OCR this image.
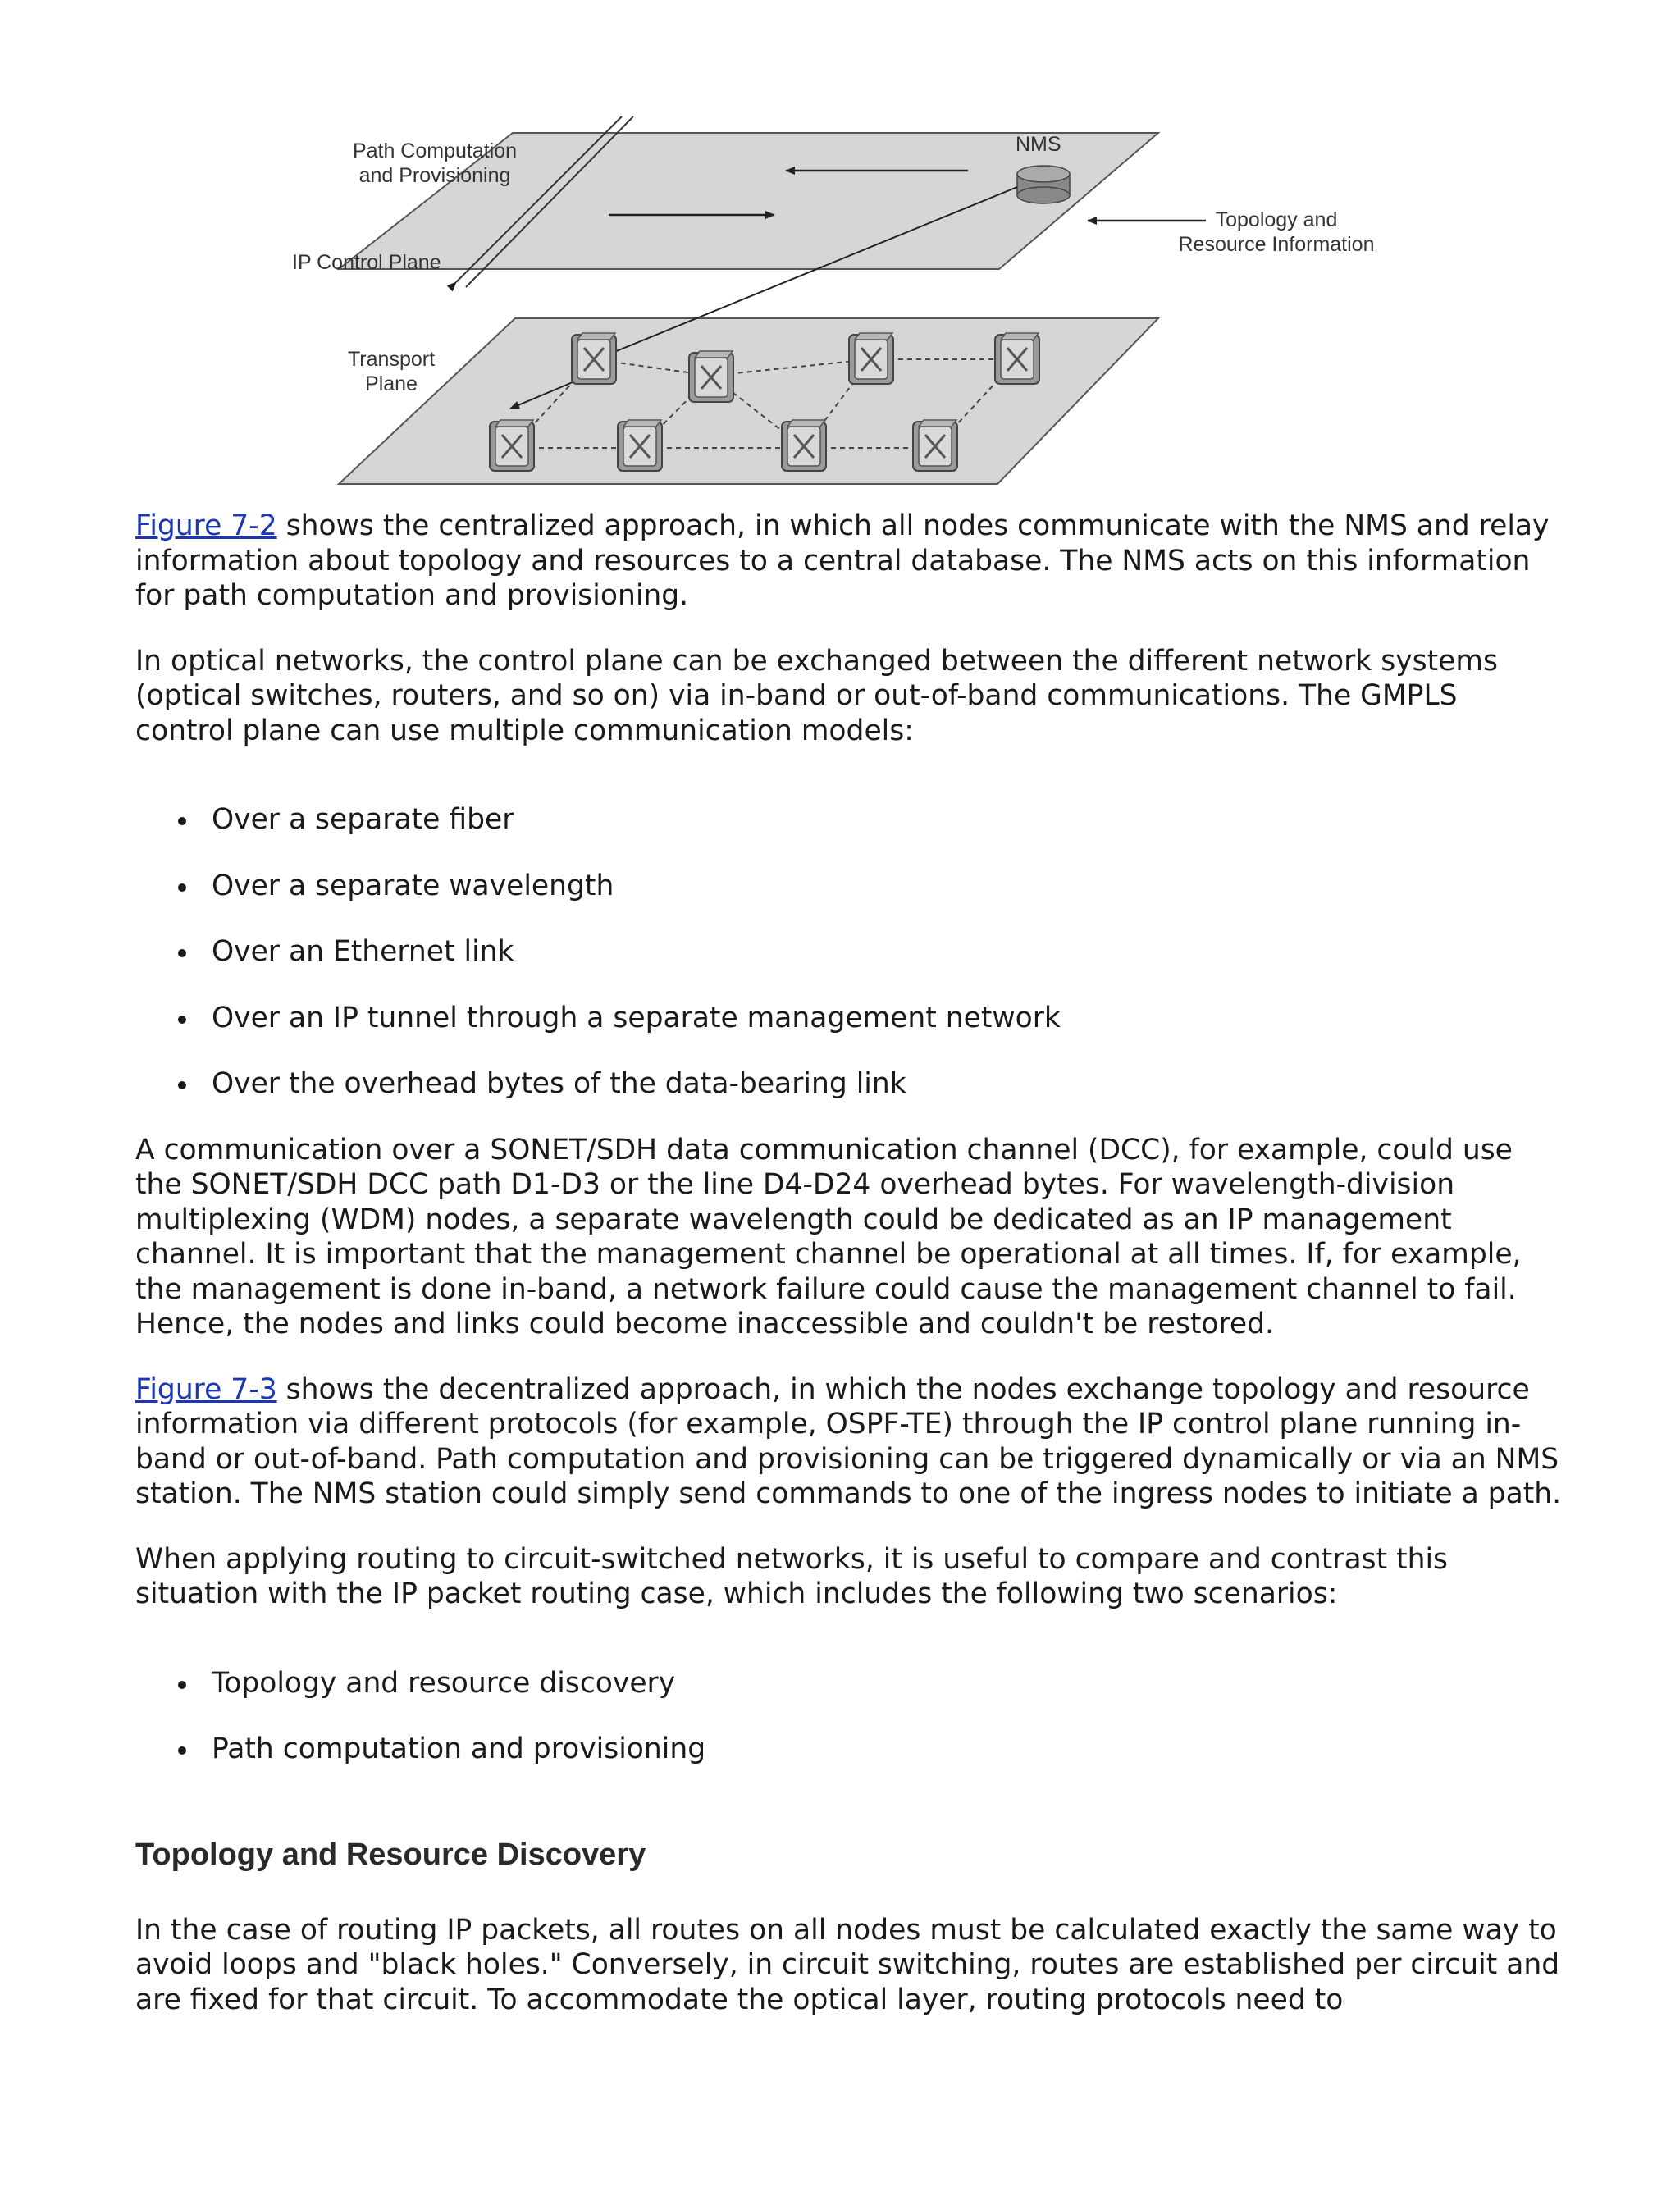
Path Computation
and Provisioning
IP Control Plane
Transport
Plane
NMS
Topology and
Resource Information

Figure 7-2 shows the centralized approach, in which all nodes communicate with the NMS and relay information about topology and resources to a central database. The NMS acts on this information for path computation and provisioning.

In optical networks, the control plane can be exchanged between the different network systems (optical switches, routers, and so on) via in-band or out-of-band communications. The GMPLS control plane can use multiple communication models:

Over a separate fiber
Over a separate wavelength
Over an Ethernet link
Over an IP tunnel through a separate management network
Over the overhead bytes of the data-bearing link

A communication over a SONET/SDH data communication channel (DCC), for example, could use the SONET/SDH DCC path D1-D3 or the line D4-D24 overhead bytes. For wavelength-division multiplexing (WDM) nodes, a separate wavelength could be dedicated as an IP management channel. It is important that the management channel be operational at all times. If, for example, the management is done in-band, a network failure could cause the management channel to fail. Hence, the nodes and links could become inaccessible and couldn't be restored.

Figure 7-3 shows the decentralized approach, in which the nodes exchange topology and resource information via different protocols (for example, OSPF-TE) through the IP control plane running in-band or out-of-band. Path computation and provisioning can be triggered dynamically or via an NMS station. The NMS station could simply send commands to one of the ingress nodes to initiate a path.

When applying routing to circuit-switched networks, it is useful to compare and contrast this situation with the IP packet routing case, which includes the following two scenarios:

Topology and resource discovery
Path computation and provisioning
Topology and Resource Discovery

In the case of routing IP packets, all routes on all nodes must be calculated exactly the same way to avoid loops and "black holes." Conversely, in circuit switching, routes are established per circuit and are fixed for that circuit. To accommodate the optical layer, routing protocols need to
